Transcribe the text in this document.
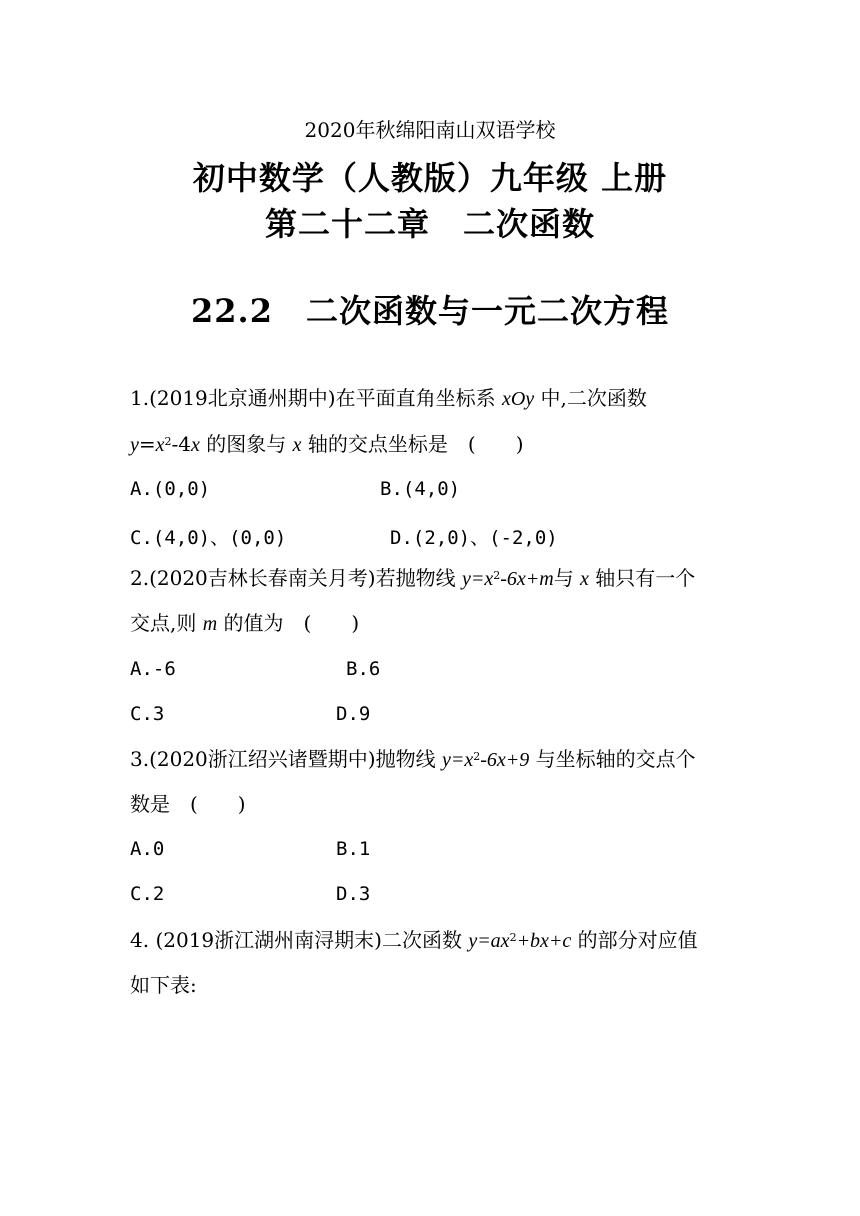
2020年秋绵阳南山双语学校
初中数学（人教版）九年级 上册
第二十二章　二次函数
22.2　二次函数与一元二次方程
1.(2019北京通州期中)在平面直角坐标系 xOy 中,二次函数
$y=x^2-4x$ 的图象与 x 轴的交点坐标是　(　　)
A.(0,0)	B.(4,0)
C.(4,0)、(0,0)	D.(2,0)、(-2,0)
2.(2020吉林长春南关月考)若抛物线 $y=x^2-6x+m$与 x 轴只有一个
交点,则 m 的值为　(　　)
A.-6	B.6
C.3	D.9
3.(2020浙江绍兴诸暨期中)抛物线 $y=x^2-6x+9$ 与坐标轴的交点个
数是　(　　)
A.0	B.1
C.2	D.3
4. (2019浙江湖州南浔期末)二次函数 $y=ax^2+bx+c$ 的部分对应值
如下表:
